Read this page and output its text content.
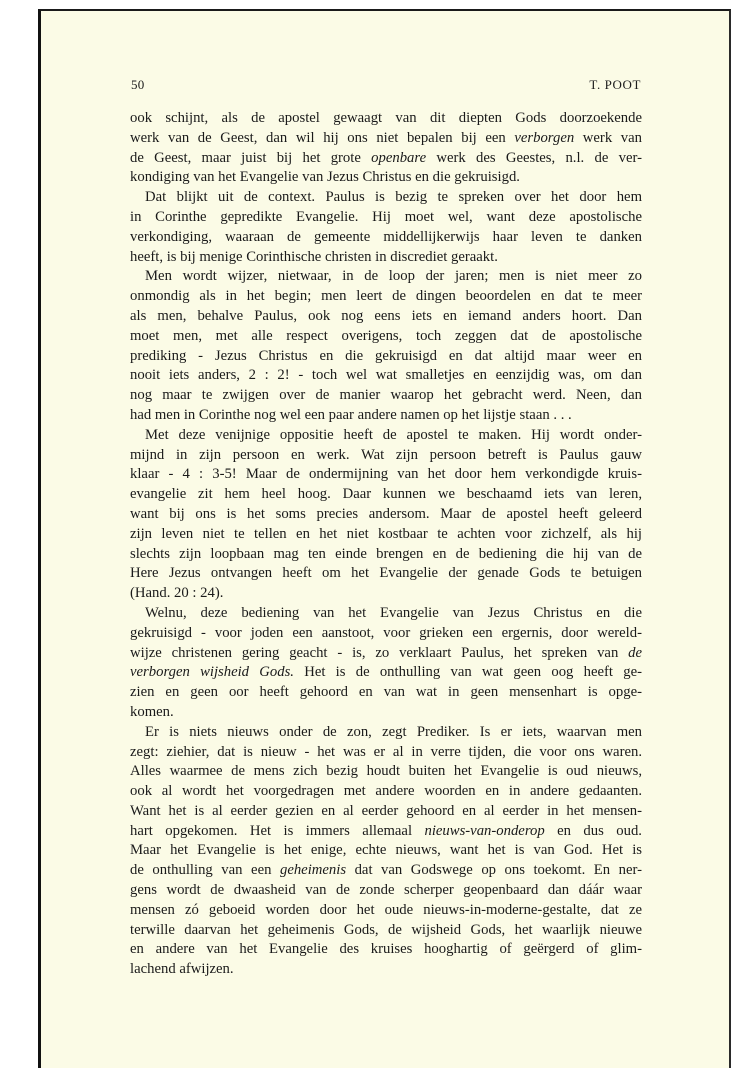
50	T. POOT
ook schijnt, als de apostel gewaagt van dit diepten Gods doorzoekende
werk van de Geest, dan wil hij ons niet bepalen bij een verborgen werk van
de Geest, maar juist bij het grote openbare werk des Geestes, n.l. de ver-
kondiging van het Evangelie van Jezus Christus en die gekruisigd.
Dat blijkt uit de context. Paulus is bezig te spreken over het door hem
in Corinthe gepredikte Evangelie. Hij moet wel, want deze apostolische
verkondiging, waaraan de gemeente middellijkerwijs haar leven te danken
heeft, is bij menige Corinthische christen in discrediet geraakt.
Men wordt wijzer, nietwaar, in de loop der jaren; men is niet meer zo
onmondig als in het begin; men leert de dingen beoordelen en dat te meer
als men, behalve Paulus, ook nog eens iets en iemand anders hoort. Dan
moet men, met alle respect overigens, toch zeggen dat de apostolische
prediking - Jezus Christus en die gekruisigd en dat altijd maar weer en
nooit iets anders, 2 : 2! - toch wel wat smalletjes en eenzijdig was, om dan
nog maar te zwijgen over de manier waarop het gebracht werd. Neen, dan
had men in Corinthe nog wel een paar andere namen op het lijstje staan . . .
Met deze venijnige oppositie heeft de apostel te maken. Hij wordt onder-
mijnd in zijn persoon en werk. Wat zijn persoon betreft is Paulus gauw
klaar - 4 : 3-5! Maar de ondermijning van het door hem verkondigde kruis-
evangelie zit hem heel hoog. Daar kunnen we beschaamd iets van leren,
want bij ons is het soms precies andersom. Maar de apostel heeft geleerd
zijn leven niet te tellen en het niet kostbaar te achten voor zichzelf, als hij
slechts zijn loopbaan mag ten einde brengen en de bediening die hij van de
Here Jezus ontvangen heeft om het Evangelie der genade Gods te betuigen
(Hand. 20 : 24).
Welnu, deze bediening van het Evangelie van Jezus Christus en die
gekruisigd - voor joden een aanstoot, voor grieken een ergernis, door wereld-
wijze christenen gering geacht - is, zo verklaart Paulus, het spreken van de
verborgen wijsheid Gods. Het is de onthulling van wat geen oog heeft ge-
zien en geen oor heeft gehoord en van wat in geen mensenhart is opge-
komen.
Er is niets nieuws onder de zon, zegt Prediker. Is er iets, waarvan men
zegt: ziehier, dat is nieuw - het was er al in verre tijden, die voor ons waren.
Alles waarmee de mens zich bezig houdt buiten het Evangelie is oud nieuws,
ook al wordt het voorgedragen met andere woorden en in andere gedaanten.
Want het is al eerder gezien en al eerder gehoord en al eerder in het mensen-
hart opgekomen. Het is immers allemaal nieuws-van-onderop en dus oud.
Maar het Evangelie is het enige, echte nieuws, want het is van God. Het is
de onthulling van een geheimenis dat van Godswege op ons toekomt. En ner-
gens wordt de dwaasheid van de zonde scherper geopenbaard dan dáár waar
mensen zó geboeid worden door het oude nieuws-in-moderne-gestalte, dat ze
terwille daarvan het geheimenis Gods, de wijsheid Gods, het waarlijk nieuwe
en andere van het Evangelie des kruises hooghartig of geërgerd of glim-
lachend afwijzen.
